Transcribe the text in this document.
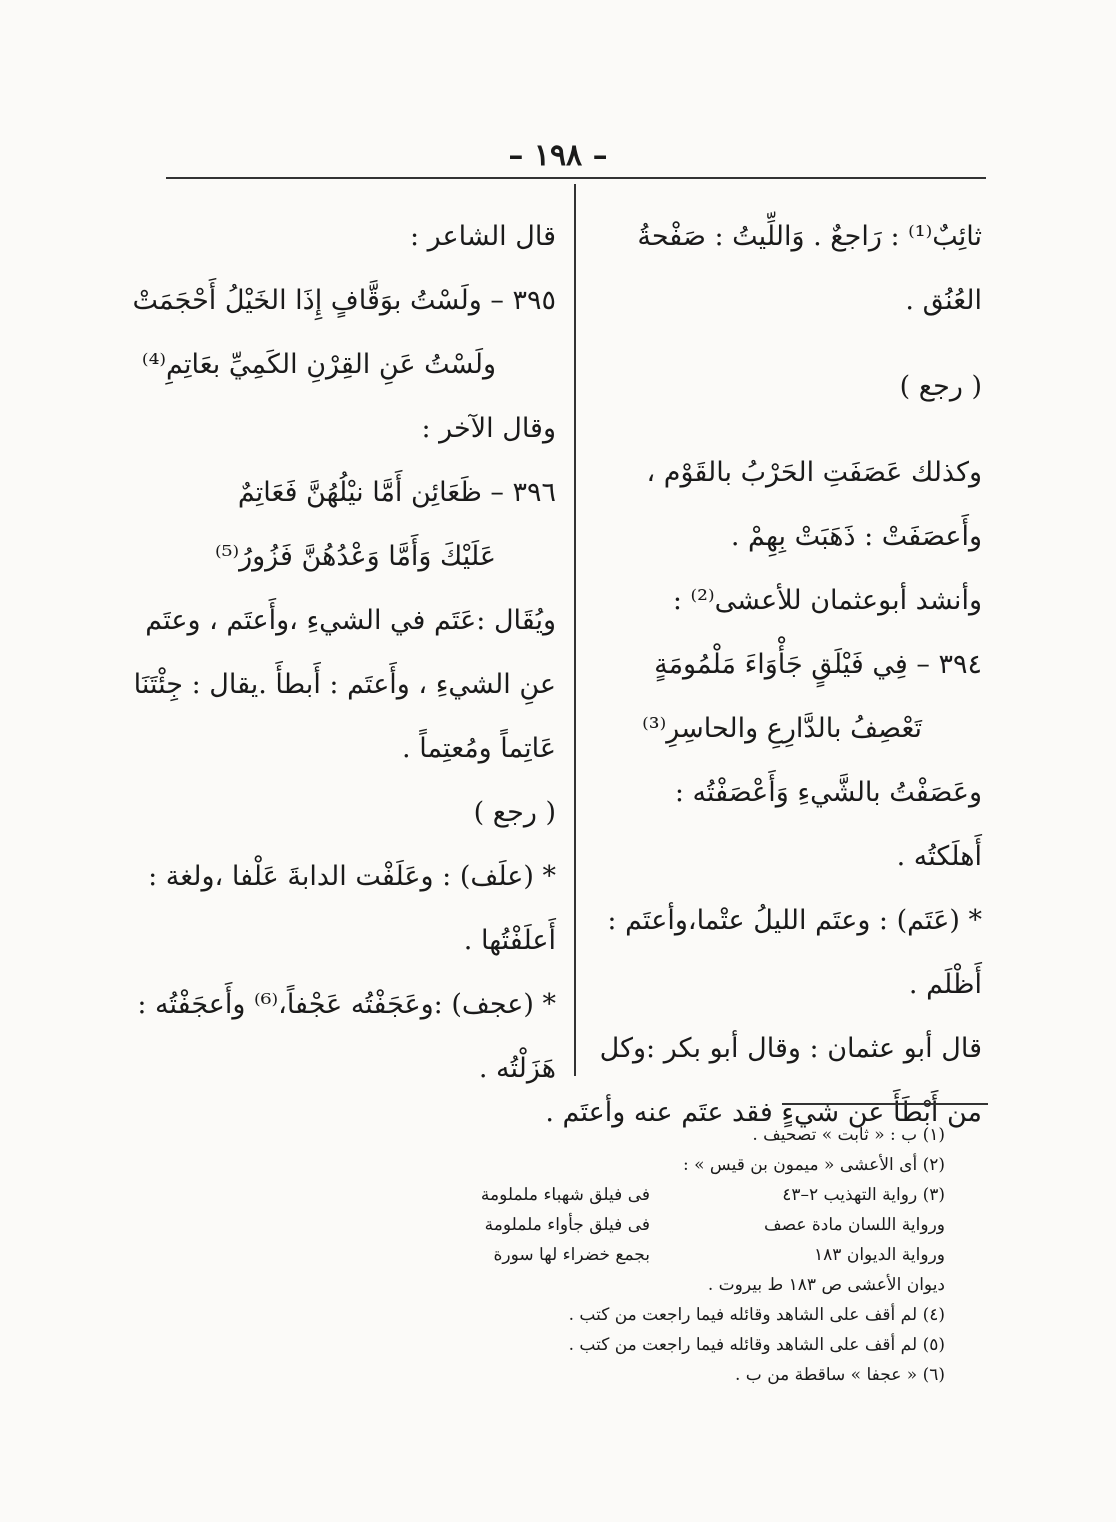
– ١٩٨ –

ثائِبٌ⁽¹⁾ : رَاجعٌ . وَاللِّيتُ : صَفْحةُ

العُنُق .

( رجع )

وكذلك عَصَفَتِ الحَرْبُ بالقَوْم ،

وأَعصَفَتْ : ذَهَبَتْ بِهِمْ .

وأنشد أبوعثمان للأعشى⁽²⁾ :

٣٩٤ – فِي فَيْلَقٍ جَأْوَاءَ مَلْمُومَةٍ

تَعْصِفُ بالدَّارِعِ والحاسِرِ⁽³⁾

وعَصَفْتُ بالشَّيءِ وَأَعْصَفْتُه :

أَهلَكتُه .

* (عَتَم) : وعتَم الليلُ عتْما،وأعتَم :

أَظْلَم .

قال أبو عثمان : وقال أبو بكر :وكل

من أَبْطَأَ عن شيءٍ فقد عتَم عنه وأعتَم .

قال الشاعر :

٣٩٥ – ولَسْتُ بوَقَّافٍ إِذَا الخَيْلُ أَحْجَمَتْ

ولَسْتُ عَنِ القِرْنِ الكَمِيِّ بعَاتِمِ⁽⁴⁾

وقال الآخر :

٣٩٦ – ظَعَائِن أَمَّا نيْلُهُنَّ فَعَاتِمٌ

عَلَيْكَ وَأَمَّا وَعْدُهُنَّ فَزُورُ⁽⁵⁾

ويُقَال :عَتَم في الشيءِ ،وأَعتَم ، وعتَم

عنِ الشيءِ ، وأَعتَم : أَبطأَ .يقال : جِئْتَنَا

عَاتِماً ومُعتِماً .

( رجع )

* (علَف) : وعَلَفْت الدابةَ عَلْفا ،ولغة :

أَعلَفْتُها .

* (عجف) :وعَجَفْتُه عَجْفاً،⁽⁶⁾ وأَعجَفْتُه :

هَزَلْتُه .

(١) ب : « ثابت » تصحيف .

(٢) أى الأعشى « ميمون بن قيس » :

(٣) رواية التهذيب ٢–٤٣
فى فيلق شهباء ململومة
ورواية اللسان مادة عصف
فى فيلق جأواء ململومة
ورواية الديوان ١٨٣
بجمع خضراء لها سورة

ديوان الأعشى ص ١٨٣ ط بيروت .

(٤) لم أقف على الشاهد وقائله فيما راجعت من كتب .

(٥) لم أقف على الشاهد وقائله فيما راجعت من كتب .

(٦) « عجفا » ساقطة من ب .
